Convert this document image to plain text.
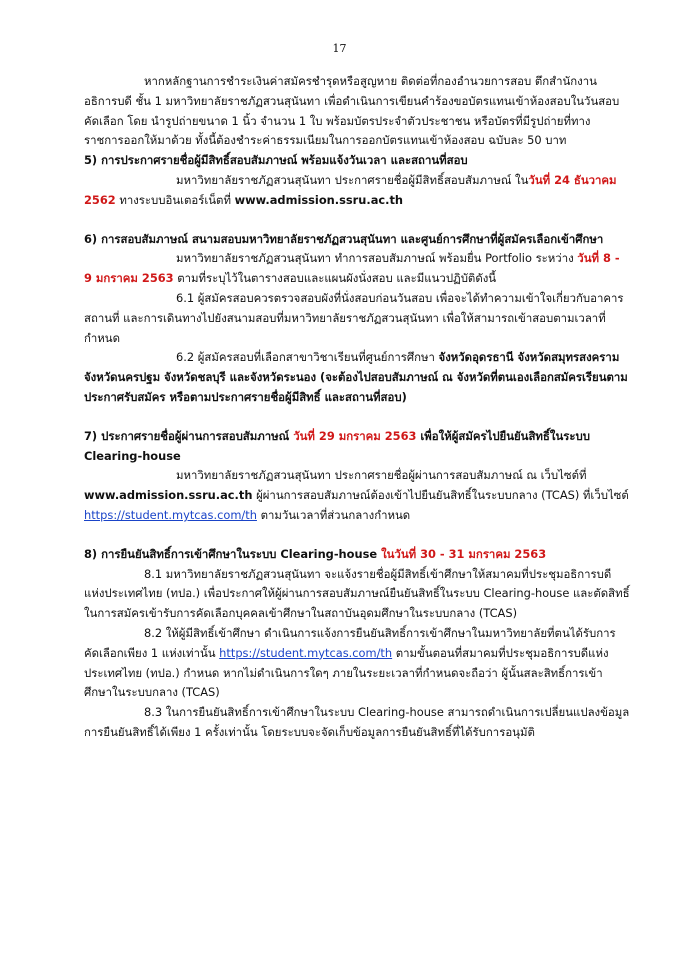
17

หากหลักฐานการชำระเงินค่าสมัครชำรุดหรือสูญหาย ติดต่อที่กองอำนวยการสอบ ตึกสำนักงานอธิการบดี ชั้น 1 มหาวิทยาลัยราชภัฏสวนสุนันทา เพื่อดำเนินการเขียนคำร้องขอบัตรแทนเข้าห้องสอบในวันสอบคัดเลือก โดย นำรูปถ่ายขนาด 1 นิ้ว จำนวน 1 ใบ พร้อมบัตรประจำตัวประชาชน หรือบัตรที่มีรูปถ่ายที่ทางราชการออกให้มาด้วย ทั้งนี้ต้องชำระค่าธรรมเนียมในการออกบัตรแทนเข้าห้องสอบ ฉบับละ 50 บาท

5) การประกาศรายชื่อผู้มีสิทธิ์สอบสัมภาษณ์ พร้อมแจ้งวันเวลา และสถานที่สอบ

มหาวิทยาลัยราชภัฏสวนสุนันทา ประกาศรายชื่อผู้มีสิทธิ์สอบสัมภาษณ์ ในวันที่ 24 ธันวาคม 2562 ทางระบบอินเตอร์เน็ตที่ www.admission.ssru.ac.th

6) การสอบสัมภาษณ์ สนามสอบมหาวิทยาลัยราชภัฏสวนสุนันทา และศูนย์การศึกษาที่ผู้สมัครเลือกเข้าศึกษา

มหาวิทยาลัยราชภัฏสวนสุนันทา ทำการสอบสัมภาษณ์ พร้อมยื่น Portfolio ระหว่าง วันที่ 8 - 9 มกราคม 2563 ตามที่ระบุไว้ในตารางสอบและแผนผังนั่งสอบ และมีแนวปฏิบัติดังนี้

6.1 ผู้สมัครสอบควรตรวจสอบผังที่นั่งสอบก่อนวันสอบ เพื่อจะได้ทำความเข้าใจเกี่ยวกับอาคารสถานที่ และการเดินทางไปยังสนามสอบที่มหาวิทยาลัยราชภัฏสวนสุนันทา เพื่อให้สามารถเข้าสอบตามเวลาที่กำหนด

6.2 ผู้สมัครสอบที่เลือกสาขาวิชาเรียนที่ศูนย์การศึกษา จังหวัดอุดรธานี จังหวัดสมุทรสงคราม จังหวัดนครปฐม จังหวัดชลบุรี และจังหวัดระนอง (จะต้องไปสอบสัมภาษณ์ ณ จังหวัดที่ตนเองเลือกสมัครเรียนตามประกาศรับสมัคร หรือตามประกาศรายชื่อผู้มีสิทธิ์ และสถานที่สอบ)

7) ประกาศรายชื่อผู้ผ่านการสอบสัมภาษณ์ วันที่ 29 มกราคม 2563 เพื่อให้ผู้สมัครไปยืนยันสิทธิ์ในระบบ Clearing-house

มหาวิทยาลัยราชภัฏสวนสุนันทา ประกาศรายชื่อผู้ผ่านการสอบสัมภาษณ์ ณ เว็บไซต์ที่ www.admission.ssru.ac.th ผู้ผ่านการสอบสัมภาษณ์ต้องเข้าไปยืนยันสิทธิ์ในระบบกลาง (TCAS) ที่เว็บไซต์ https://student.mytcas.com/th ตามวันเวลาที่ส่วนกลางกำหนด

8) การยืนยันสิทธิ์การเข้าศึกษาในระบบ Clearing-house ในวันที่ 30 - 31 มกราคม 2563

8.1 มหาวิทยาลัยราชภัฏสวนสุนันทา จะแจ้งรายชื่อผู้มีสิทธิ์เข้าศึกษาให้สมาคมที่ประชุมอธิการบดีแห่งประเทศไทย (ทปอ.) เพื่อประกาศให้ผู้ผ่านการสอบสัมภาษณ์ยืนยันสิทธิ์ในระบบ Clearing-house และตัดสิทธิ์ในการสมัครเข้ารับการคัดเลือกบุคคลเข้าศึกษาในสถาบันอุดมศึกษาในระบบกลาง (TCAS)

8.2 ให้ผู้มีสิทธิ์เข้าศึกษา ดำเนินการแจ้งการยืนยันสิทธิ์การเข้าศึกษาในมหาวิทยาลัยที่ตนได้รับการคัดเลือกเพียง 1 แห่งเท่านั้น https://student.mytcas.com/th ตามขั้นตอนที่สมาคมที่ประชุมอธิการบดีแห่งประเทศไทย (ทปอ.) กำหนด หากไม่ดำเนินการใดๆ ภายในระยะเวลาที่กำหนดจะถือว่า ผู้นั้นสละสิทธิ์การเข้าศึกษาในระบบกลาง (TCAS)

8.3 ในการยืนยันสิทธิ์การเข้าศึกษาในระบบ Clearing-house สามารถดำเนินการเปลี่ยนแปลงข้อมูลการยืนยันสิทธิ์ได้เพียง 1 ครั้งเท่านั้น โดยระบบจะจัดเก็บข้อมูลการยืนยันสิทธิ์ที่ได้รับการอนุมัติ
